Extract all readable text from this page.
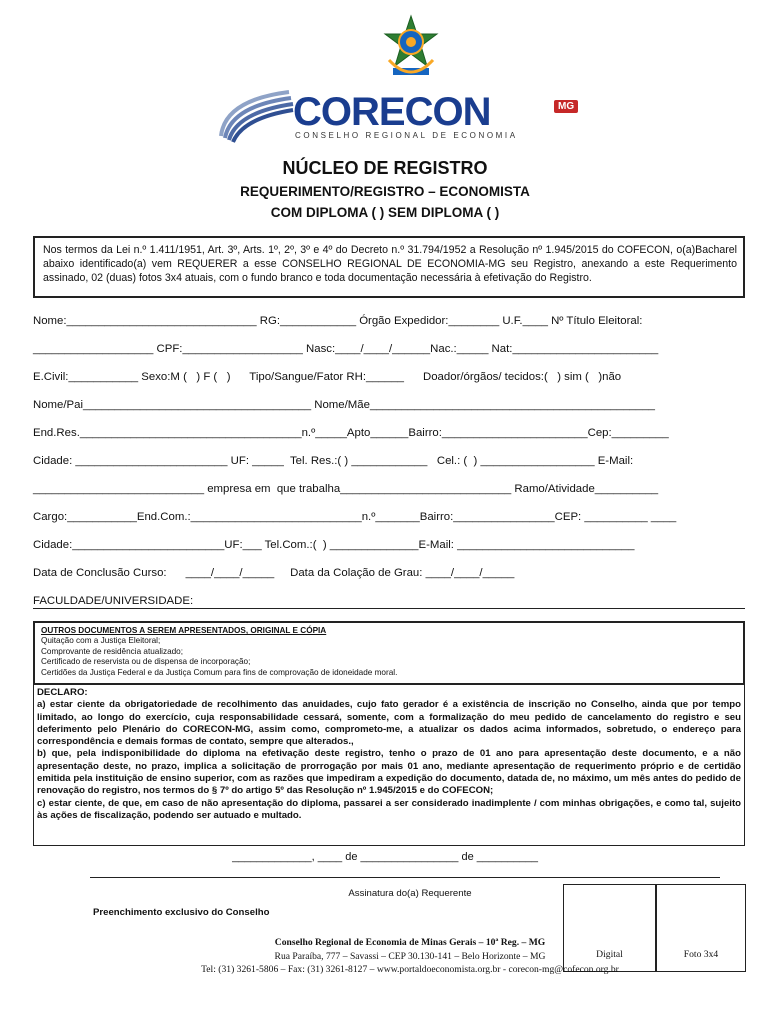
CORECON	MG
CONSELHO REGIONAL DE ECONOMIA
NÚCLEO DE REGISTRO
REQUERIMENTO/REGISTRO – ECONOMISTA
COM DIPLOMA ( ) SEM DIPLOMA ( )
Nos termos da Lei n.º 1.411/1951, Art. 3º, Arts. 1º, 2º, 3º e 4º do Decreto n.º 31.794/1952 a Resolução nº 1.945/2015 do COFECON, o(a)Bacharel abaixo identificado(a) vem REQUERER a esse CONSELHO REGIONAL DE ECONOMIA-MG seu Registro, anexando a este Requerimento assinado, 02 (duas) fotos 3x4 atuais, com o fundo branco e toda documentação necessária à efetivação do Registro.
Nome:______________________________ RG:____________ Órgão Expedidor:________ U.F.____ Nº Título Eleitoral:
___________________ CPF:___________________ Nasc:____/____/______Nac.:_____ Nat:_______________________
E.Civil:___________ Sexo:M (   ) F (   )      Tipo/Sangue/Fator RH:______      Doador/órgãos/ tecidos:(   ) sim (   )não
Nome/Pai____________________________________ Nome/Mãe_____________________________________________
End.Res.___________________________________n.º_____Apto______Bairro:_______________________Cep:_________
Cidade: ________________________ UF: _____  Tel. Res.:( ) ____________   Cel.: (  ) __________________ E-Mail:
___________________________ empresa em  que trabalha___________________________ Ramo/Atividade__________
Cargo:___________End.Com.:___________________________n.º_______Bairro:________________CEP: __________ ____
Cidade:________________________UF:___ Tel.Com.:(  ) ______________E-Mail: ____________________________
Data de Conclusão Curso:      ____/____/_____     Data da Colação de Grau: ____/____/_____
FACULDADE/UNIVERSIDADE:
OUTROS DOCUMENTOS A SEREM APRESENTADOS, ORIGINAL E CÓPIA
Quitação com a Justiça Eleitoral;
Comprovante de residência atualizado;
Certificado de reservista ou de dispensa de incorporação;
Certidões da Justiça Federal e da Justiça Comum para fins de comprovação de idoneidade moral.
DECLARO:
a) estar ciente da obrigatoriedade de recolhimento das anuidades, cujo fato gerador é a existência de inscrição no Conselho, ainda que por tempo limitado, ao longo do exercício, cuja responsabilidade cessará, somente, com a formalização do meu pedido de cancelamento do registro e seu deferimento pelo Plenário do CORECON-MG, assim como, comprometo-me, a atualizar os dados acima informados, sobretudo, o endereço para correspondência e demais formas de contato, sempre que alterados.,
b) que, pela indisponibilidade do diploma na efetivação deste registro, tenho o prazo de 01 ano para apresentação deste documento, e a não apresentação deste, no prazo, implica a solicitação de prorrogação por mais 01 ano, mediante apresentação de requerimento próprio e de certidão emitida pela instituição de ensino superior, com as razões que impediram a expedição do documento, datada de, no máximo, um mês antes do pedido de renovação do registro, nos termos do § 7º do artigo 5º das Resolução nº 1.945/2015 e do COFECON;
c) estar ciente, de que, em caso de não apresentação do diploma, passarei a ser considerado inadimplente / com minhas obrigações, e como tal, sujeito às ações de fiscalização, podendo ser autuado e multado.
_____________, ____ de ________________ de __________
Assinatura do(a) Requerente
Preenchimento exclusivo do Conselho
Digital	Foto 3x4
Conselho Regional de Economia de Minas Gerais – 10ª Reg. – MG
Rua Paraíba, 777 – Savassi – CEP 30.130-141 – Belo Horizonte – MG
Tel: (31) 3261-5806 – Fax: (31) 3261-8127 – www.portaldoeconomista.org.br - corecon-mg@cofecon.org.br
